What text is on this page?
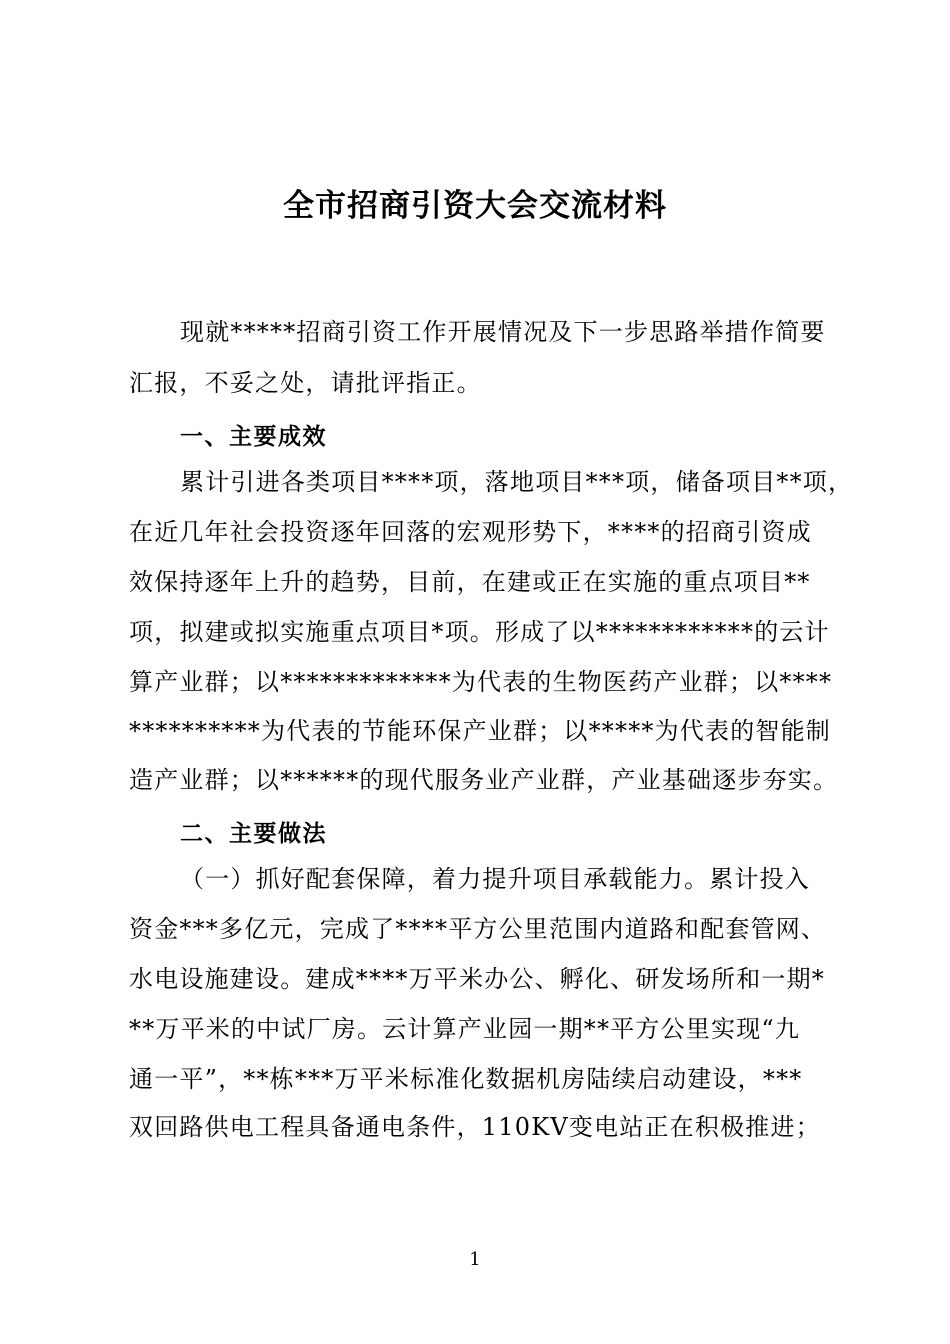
全市招商引资大会交流材料
现就*****招商引资工作开展情况及下一步思路举措作简要
汇报，不妥之处，请批评指正。
一、主要成效
累计引进各类项目****项，落地项目***项，储备项目**项，
在近几年社会投资逐年回落的宏观形势下，****的招商引资成
效保持逐年上升的趋势，目前，在建或正在实施的重点项目**
项，拟建或拟实施重点项目*项。形成了以************的云计
算产业群；以*************为代表的生物医药产业群；以****
**********为代表的节能环保产业群；以*****为代表的智能制
造产业群；以******的现代服务业产业群，产业基础逐步夯实。
二、主要做法
（一）抓好配套保障，着力提升项目承载能力。累计投入
资金***多亿元，完成了****平方公里范围内道路和配套管网、
水电设施建设。建成****万平米办公、孵化、研发场所和一期*
**万平米的中试厂房。云计算产业园一期**平方公里实现“九
通一平”，**栋***万平米标准化数据机房陆续启动建设，***
双回路供电工程具备通电条件，110KV变电站正在积极推进；
1
